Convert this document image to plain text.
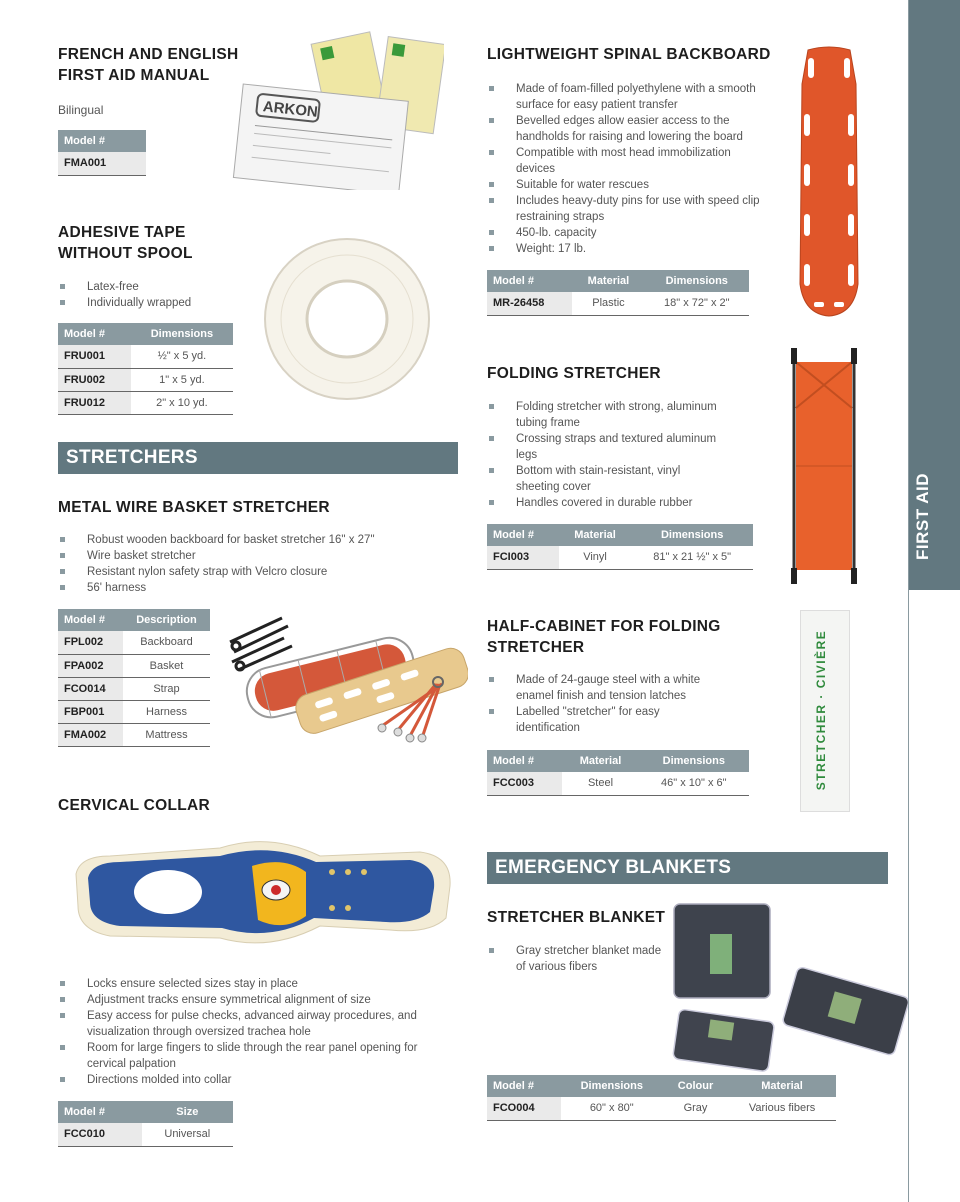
FIRST AID
FRENCH AND ENGLISH
FIRST AID MANUAL
Bilingual
Model #
FMA001
ARKON
ADHESIVE TAPE
WITHOUT SPOOL
Latex-free
Individually wrapped
Model #	Dimensions
FRU001	½" x 5 yd.
FRU002	1" x 5 yd.
FRU012	2" x 10 yd.
STRETCHERS
METAL WIRE BASKET STRETCHER
Robust wooden backboard for basket stretcher 16" x 27"
Wire basket stretcher
Resistant nylon safety strap with Velcro closure
56' harness
Model #	Description
FPL002	Backboard
FPA002	Basket
FCO014	Strap
FBP001	Harness
FMA002	Mattress
CERVICAL COLLAR
Locks ensure selected sizes stay in place
Adjustment tracks ensure symmetrical alignment of size
Easy access for pulse checks, advanced airway procedures, and visualization through oversized trachea hole
Room for large fingers to slide through the rear panel opening for cervical palpation
Directions molded into collar
Model #	Size
FCC010	Universal
LIGHTWEIGHT SPINAL BACKBOARD
Made of foam-filled polyethylene with a smooth surface for easy patient transfer
Bevelled edges allow easier access to the handholds for raising and lowering the board
Compatible with most head immobilization devices
Suitable for water rescues
Includes heavy-duty pins for use with speed clip restraining straps
450-lb. capacity
Weight: 17 lb.
Model #	Material	Dimensions
MR-26458	Plastic	18" x 72" x 2"
FOLDING STRETCHER
Folding stretcher with strong, aluminum tubing frame
Crossing straps and textured aluminum legs
Bottom with stain-resistant, vinyl sheeting cover
Handles covered in durable rubber
Model #	Material	Dimensions
FCI003	Vinyl	81" x 21 ½" x 5"
HALF-CABINET FOR FOLDING
STRETCHER
Made of 24-gauge steel with a white enamel finish and tension latches
Labelled "stretcher" for easy identification
Model #	Material	Dimensions
FCC003	Steel	46" x 10" x 6"	STRETCHER · CIVIÈRE
EMERGENCY BLANKETS
STRETCHER BLANKET
Gray stretcher blanket made of various fibers
Model #	Dimensions	Colour	Material
FCO004	60" x 80"	Gray	Various fibers
